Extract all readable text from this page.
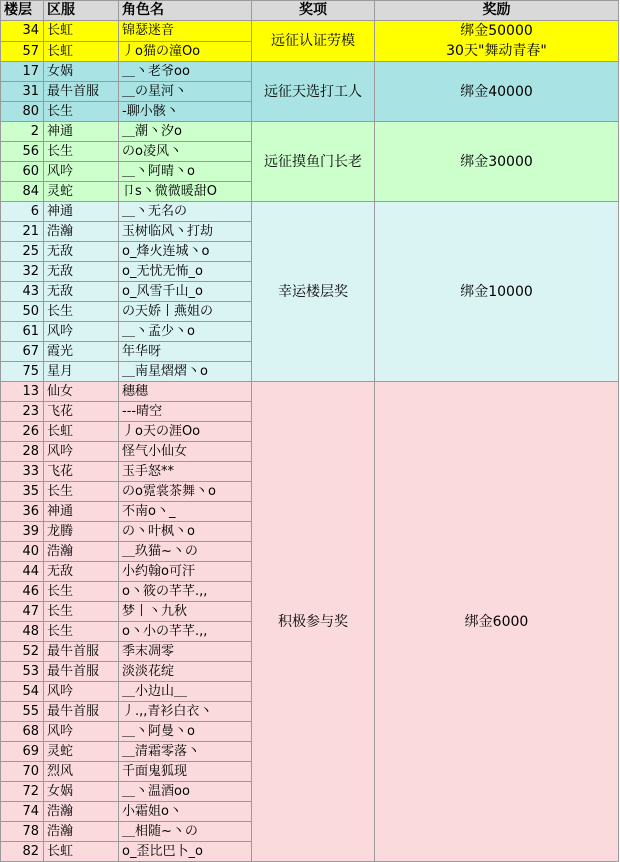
楼层	区服	角色名	奖项	奖励
34	长虹	锦瑟迷音	远征认证劳模	绑金50000
30天"舞动青春"

57	长虹	丿o猫の潼Oo		
17	女娲	＿丶老爷oo	远征天选打工人	绑金40000

31	最牛首服	＿の星河丶		
80	长生	-聊小骸丶		
2	神通	＿潮丶汐o	远征摸鱼门长老	绑金30000

56	长生	のo凌风丶		
60	风吟	＿丶阿晴丶o		
84	灵蛇	卩s丶微微暖甜O		
6	神通	＿丶无名の	幸运楼层奖	绑金10000

21	浩瀚	玉树临风丶打劫		
25	无敌	o_烽火连城丶o		
32	无敌	o_无忧无怖_o		
43	无敌	o_风雪千山_o		
50	长生	の天娇丨燕姐の		
61	风吟	＿丶孟少丶o		
67	霞光	年华呀		
75	星月	＿南星熠熠丶o		
13	仙女	穗穗	积极参与奖	绑金6000

23	飞花	---晴空		
26	长虹	丿o天の涯Oo		
28	风吟	怪气小仙女		
33	飞花	玉手怒**		
35	长生	のo霓裳茶舞丶o		
36	神通	不南o丶_		
39	龙腾	の丶叶枫丶o		
40	浩瀚	＿玖猫~丶の		
44	无敌	小约翰o可汗		
46	长生	o丶筱の芊芊.,,		
47	长生	梦丨丶九秋		
48	长生	o丶小の芊芊.,,		
52	最牛首服	季末凋零		
53	最牛首服	淡淡花绽		
54	风吟	＿小边山＿		
55	最牛首服	丿.,,青衫白衣丶		
68	风吟	＿丶阿曼丶o		
69	灵蛇	＿清霜零落丶		
70	烈风	千面鬼狐现		
72	女娲	＿丶温酒oo		
74	浩瀚	小霜姐o丶		
78	浩瀚	＿相随~丶の		
82	长虹	o_歪比巴卜_o		
